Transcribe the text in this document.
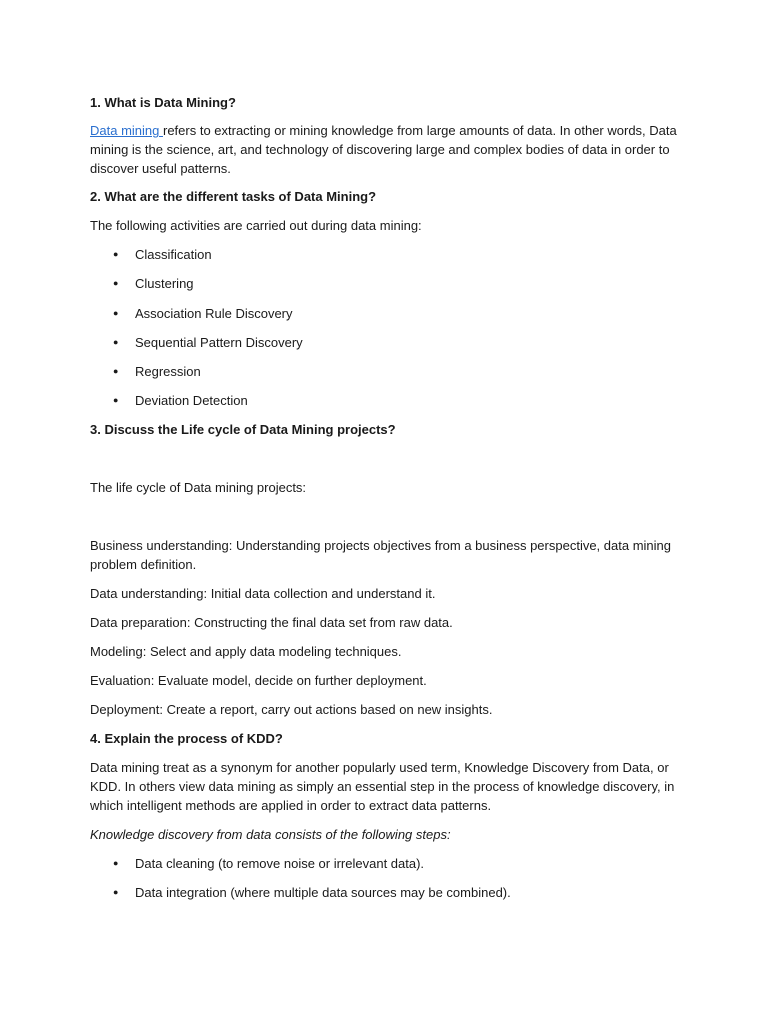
1. What is Data Mining?
Data mining refers to extracting or mining knowledge from large amounts of data. In other words, Data
mining is the science, art, and technology of discovering large and complex bodies of data in order to
discover useful patterns.
2. What are the different tasks of Data Mining?
The following activities are carried out during data mining:
● Classification
● Clustering
● Association Rule Discovery
● Sequential Pattern Discovery
● Regression
● Deviation Detection
3. Discuss the Life cycle of Data Mining projects?
The life cycle of Data mining projects:
Business understanding: Understanding projects objectives from a business perspective, data mining
problem definition.
Data understanding: Initial data collection and understand it.
Data preparation: Constructing the final data set from raw data.
Modeling: Select and apply data modeling techniques.
Evaluation: Evaluate model, decide on further deployment.
Deployment: Create a report, carry out actions based on new insights.
4. Explain the process of KDD?
Data mining treat as a synonym for another popularly used term, Knowledge Discovery from Data, or
KDD. In others view data mining as simply an essential step in the process of knowledge discovery, in
which intelligent methods are applied in order to extract data patterns.
Knowledge discovery from data consists of the following steps:
● Data cleaning (to remove noise or irrelevant data).
● Data integration (where multiple data sources may be combined).
